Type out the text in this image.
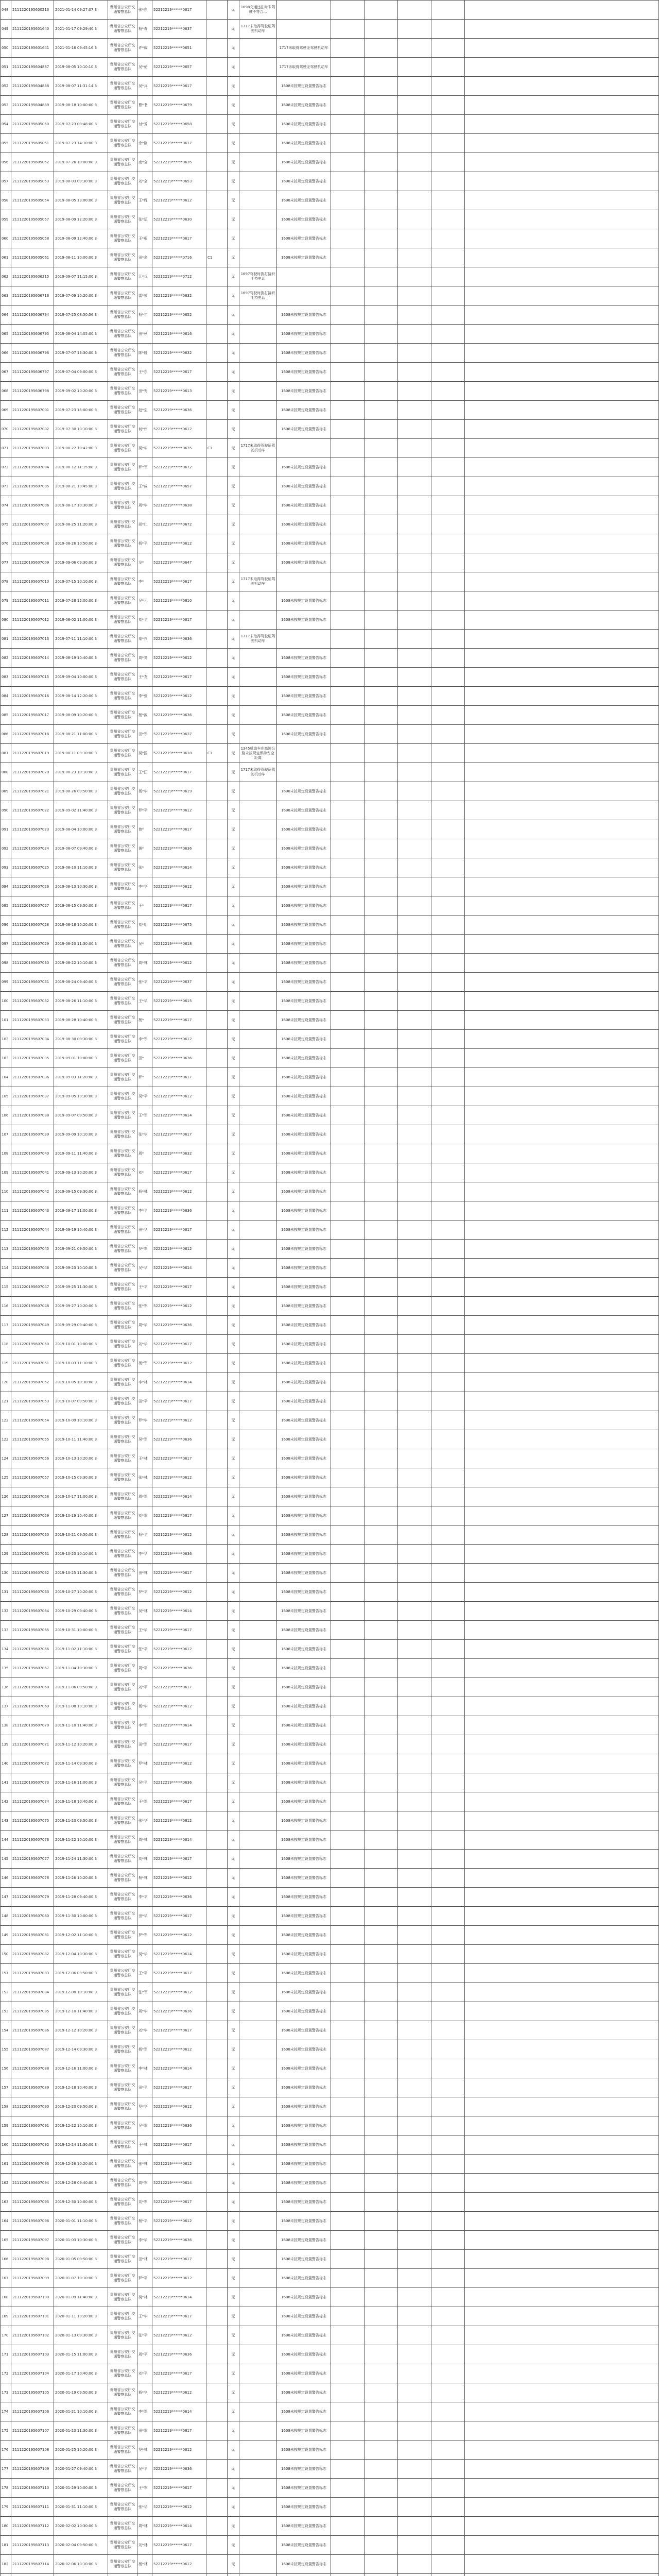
048	2111220195600213	2021-01-14 09:27:07.3	贵州省公安厅交通警察总队	张*东	52212219******0617		无	1698交通违法时未驾驶不符合...						
049	2111220195601640	2021-01-17 09:29:40.3	贵州省公安厅交通警察总队	杨*寿	52212219******0637		无	1717未取得驾驶证驾驶机动车						
050	2111220195601641	2021-01-16 09:45:16.3	贵州省公安厅交通警察总队	许*成	52212219******0651		无		1717未取得驾驶证驾驶机动车					
051	2111220195604887	2019-08-05 10:10:10.3	贵州省公安厅交通警察总队	吴*伦	52212219******0657		无		1717未取得驾驶证驾驶机动车					
052	2111220195604888	2019-08-07 11:31:14.3	贵州省公安厅交通警察总队	吴*兵	52212219******0617		无		1608未按规定设置警告标志					
053	2111220195604889	2019-08-18 10:00:00.3	贵州省公安厅交通警察总队	曹*书	52212219******0679		无		1608未按规定设置警告标志					
054	2111220195605050	2019-07-23 09:48:00.3	贵州省公安厅交通警察总队	付*芳	52212219******0658		无		1608未按规定设置警告标志					
055	2111220195605051	2019-07-23 14:10:00.3	贵州省公安厅交通警察总队	余*刚	52212219******0617		无		1608未按规定设置警告标志					
056	2111220195605052	2019-07-26 10:00:00.3	贵州省公安厅交通警察总队	庞*全	52212219******0635		无		1608未按规定设置警告标志					
057	2111220195605053	2019-08-03 09:30:00.3	贵州省公安厅交通警察总队	刘*全	52212219******0653		无		1608未按规定设置警告标志					
058	2111220195605054	2019-08-05 13:00:00.3	贵州省公安厅交通警察总队	王*辉	52212219******0612		无		1608未按规定设置警告标志					
059	2111220195605057	2019-08-09 12:20:00.3	贵州省公安厅交通警察总队	张*运	52212219******0630		无		1608未按规定设置警告标志					
060	2111220195605058	2019-08-09 12:40:00.3	贵州省公安厅交通警察总队	王*根	52212219******0617		无		1608未按规定设置警告标志					
061	2111220195605061	2019-08-11 10:00:00.3	贵州省公安厅交通警察总队	田*余	52212219******0716	C1	无		1608未按规定设置警告标志					
062	2111220195606215	2019-09-07 11:15:00.3	贵州省公安厅交通警察总队	江*兵	52212219******0712		无	1697驾驶时拨打接听手持电话						
063	2111220195606716	2019-07-09 10:20:00.3	贵州省公安厅交通警察总队	雷*荣	52212219******0632		无	1697驾驶时拨打接听手持电话						
064	2111220195606794	2019-07-25 08:50:56.3	贵州省公安厅交通警察总队	杨*年	52212219******0652		无		1608未按规定设置警告标志					
065	2111220195606795	2019-08-04 14:05:00.3	贵州省公安厅交通警察总队	田*秋	52212219******0616		无		1608未按规定设置警告标志					
066	2111220195606796	2019-07-07 13:30:00.3	贵州省公安厅交通警察总队	陈*胜	52212219******0632		无		1608未按规定设置警告标志					
067	2111220195606797	2019-07-04 09:00:00.3	贵州省公安厅交通警察总队	王*东	52212219******0617		无		1608未按规定设置警告标志					
068	2111220195606798	2019-09-02 10:20:00.3	贵州省公安厅交通警察总队	田*安	52212219******0613		无		1608未按规定设置警告标志					
069	2111220195607001	2019-07-23 15:00:00.3	贵州省公安厅交通警察总队	赵*生	52212219******0636		无		1608未按规定设置警告标志					
070	2111220195607002	2019-07-30 10:10:00.3	贵州省公安厅交通警察总队	何*伟	52212219******0612		无		1608未按规定设置警告标志					
071	2111220195607003	2019-08-22 10:42:00.3	贵州省公安厅交通警察总队	吴*华	52212219******0635	C1	无	1717未取得驾驶证驾驶机动车						
072	2111220195607004	2019-08-12 11:15:00.3	贵州省公安厅交通警察总队	罗*军	52212219******0672		无		1608未按规定设置警告标志					
073	2111220195607005	2019-08-21 10:45:00.3	贵州省公安厅交通警察总队	王*成	52212219******0657		无		1608未按规定设置警告标志					
074	2111220195607006	2019-08-17 10:30:00.3	贵州省公安厅交通警察总队	周*华	52212219******0638		无		1608未按规定设置警告标志					
075	2111220195607007	2019-08-25 11:20:00.3	贵州省公安厅交通警察总队	胡*仁	52212219******0672		无		1608未按规定设置警告标志					
076	2111220195607008	2019-08-26 10:50:00.3	贵州省公安厅交通警察总队	杨*平	52212219******0612		无		1608未按规定设置警告标志					
077	2111220195607009	2019-09-06 09:30:00.3	贵州省公安厅交通警察总队	龙*	52212219******0647		无		1608未按规定设置警告标志					
078	2111220195607010	2019-07-15 10:10:00.3	贵州省公安厅交通警察总队	李*	52212219******0617		无	1717未取得驾驶证驾驶机动车						
079	2111220195607011	2019-07-28 12:00:00.3	贵州省公安厅交通警察总队	吴*元	52212219******0610		无		1608未按规定设置警告标志					
080	2111220195607012	2019-08-02 11:00:00.3	贵州省公安厅交通警察总队	刘*平	52212219******0617		无		1608未按规定设置警告标志					
081	2111220195607013	2019-07-11 11:10:00.3	贵州省公安厅交通警察总队	蒙*兴	52212219******0636		无	1717未取得驾驶证驾驶机动车						
082	2111220195607014	2019-08-19 10:40:00.3	贵州省公安厅交通警察总队	周*英	52212219******0612		无		1608未按规定设置警告标志					
083	2111220195607015	2019-09-04 10:00:00.3	贵州省公安厅交通警察总队	王*友	52212219******0617		无		1608未按规定设置警告标志					
084	2111220195607016	2019-08-14 12:20:00.3	贵州省公安厅交通警察总队	李*强	52212219******0612		无		1608未按规定设置警告标志					
085	2111220195607017	2019-08-09 10:20:00.3	贵州省公安厅交通警察总队	杨*波	52212219******0636		无		1608未按规定设置警告标志					
086	2111220195607018	2019-08-21 11:00:00.3	贵州省公安厅交通警察总队	田*军	52212219******0637		无		1608未按规定设置警告标志					
087	2111220195607019	2019-08-11 09:10:00.3	贵州省公安厅交通警察总队	吴*国	52212219******0618	C1	无	1345机动车在高速公路未按规定保持安全距离						
088	2111220195607020	2019-08-23 10:10:00.3	贵州省公安厅交通警察总队	王*江	52212219******0617		无	1717未取得驾驶证驾驶机动车						
089	2111220195607021	2019-08-26 09:50:00.3	贵州省公安厅交通警察总队	杨*华	52212219******0619		无		1608未按规定设置警告标志					
090	2111220195607022	2019-09-02 11:40:00.3	贵州省公安厅交通警察总队	罗*平	52212219******0612		无		1608未按规定设置警告标志					
091	2111220195607023	2019-08-04 10:00:00.3	贵州省公安厅交通警察总队	曾*	52212219******0617		无		1608未按规定设置警告标志					
092	2111220195607024	2019-08-07 09:40:00.3	贵州省公安厅交通警察总队	黄*	52212219******0636		无		1608未按规定设置警告标志					
093	2111220195607025	2019-08-10 11:10:00.3	贵州省公安厅交通警察总队	张*	52212219******0614		无		1608未按规定设置警告标志					
094	2111220195607026	2019-08-13 10:30:00.3	贵州省公安厅交通警察总队	李*华	52212219******0612		无		1608未按规定设置警告标志					
095	2111220195607027	2019-08-15 09:50:00.3	贵州省公安厅交通警察总队	王*	52212219******0617		无		1608未按规定设置警告标志					
096	2111220195607028	2019-08-18 10:20:00.3	贵州省公安厅交通警察总队	刘*明	52212219******0675		无		1608未按规定设置警告标志					
097	2111220195607029	2019-08-20 11:30:00.3	贵州省公安厅交通警察总队	吴*	52212219******0618		无		1608未按规定设置警告标志					
098	2111220195607030	2019-08-22 10:10:00.3	贵州省公安厅交通警察总队	周*林	52212219******0612		无		1608未按规定设置警告标志					
099	2111220195607031	2019-08-24 09:40:00.3	贵州省公安厅交通警察总队	张*平	52212219******0637		无		1608未按规定设置警告标志					
100	2111220195607032	2019-08-26 11:10:00.3	贵州省公安厅交通警察总队	王*华	52212219******0615		无		1608未按规定设置警告标志					
101	2111220195607033	2019-08-28 10:40:00.3	贵州省公安厅交通警察总队	杨*	52212219******0617		无		1608未按规定设置警告标志					
102	2111220195607034	2019-08-30 09:30:00.3	贵州省公安厅交通警察总队	李*军	52212219******0612		无		1608未按规定设置警告标志					
103	2111220195607035	2019-09-01 10:00:00.3	贵州省公安厅交通警察总队	田*	52212219******0636		无		1608未按规定设置警告标志					
104	2111220195607036	2019-09-03 11:20:00.3	贵州省公安厅交通警察总队	罗*	52212219******0617		无		1608未按规定设置警告标志					
105	2111220195607037	2019-09-05 10:30:00.3	贵州省公安厅交通警察总队	吴*平	52212219******0612		无		1608未按规定设置警告标志					
106	2111220195607038	2019-09-07 09:50:00.3	贵州省公安厅交通警察总队	王*军	52212219******0614		无		1608未按规定设置警告标志					
107	2111220195607039	2019-09-09 10:10:00.3	贵州省公安厅交通警察总队	张*华	52212219******0617		无		1608未按规定设置警告标志					
108	2111220195607040	2019-09-11 11:40:00.3	贵州省公安厅交通警察总队	周*	52212219******0632		无		1608未按规定设置警告标志					
109	2111220195607041	2019-09-13 10:20:00.3	贵州省公安厅交通警察总队	刘*	52212219******0617		无		1608未按规定设置警告标志					
110	2111220195607042	2019-09-15 09:30:00.3	贵州省公安厅交通警察总队	杨*林	52212219******0612		无		1608未按规定设置警告标志					
111	2111220195607043	2019-09-17 11:00:00.3	贵州省公安厅交通警察总队	李*平	52212219******0636		无		1608未按规定设置警告标志					
112	2111220195607044	2019-09-19 10:40:00.3	贵州省公安厅交通警察总队	田*华	52212219******0617		无		1608未按规定设置警告标志					
113	2111220195607045	2019-09-21 09:50:00.3	贵州省公安厅交通警察总队	罗*军	52212219******0612		无		1608未按规定设置警告标志					
114	2111220195607046	2019-09-23 10:10:00.3	贵州省公安厅交通警察总队	吴*华	52212219******0614		无		1608未按规定设置警告标志					
115	2111220195607047	2019-09-25 11:30:00.3	贵州省公安厅交通警察总队	王*平	52212219******0617		无		1608未按规定设置警告标志					
116	2111220195607048	2019-09-27 10:20:00.3	贵州省公安厅交通警察总队	张*军	52212219******0612		无		1608未按规定设置警告标志					
117	2111220195607049	2019-09-29 09:40:00.3	贵州省公安厅交通警察总队	周*华	52212219******0636		无		1608未按规定设置警告标志					
118	2111220195607050	2019-10-01 10:00:00.3	贵州省公安厅交通警察总队	刘*华	52212219******0617		无		1608未按规定设置警告标志					
119	2111220195607051	2019-10-03 11:10:00.3	贵州省公安厅交通警察总队	杨*军	52212219******0612		无		1608未按规定设置警告标志					
120	2111220195607052	2019-10-05 10:30:00.3	贵州省公安厅交通警察总队	李*林	52212219******0614		无		1608未按规定设置警告标志					
121	2111220195607053	2019-10-07 09:50:00.3	贵州省公安厅交通警察总队	田*平	52212219******0617		无		1608未按规定设置警告标志					
122	2111220195607054	2019-10-09 10:10:00.3	贵州省公安厅交通警察总队	罗*华	52212219******0612		无		1608未按规定设置警告标志					
123	2111220195607055	2019-10-11 11:40:00.3	贵州省公安厅交通警察总队	吴*军	52212219******0636		无		1608未按规定设置警告标志					
124	2111220195607056	2019-10-13 10:20:00.3	贵州省公安厅交通警察总队	王*林	52212219******0617		无		1608未按规定设置警告标志					
125	2111220195607057	2019-10-15 09:30:00.3	贵州省公安厅交通警察总队	张*林	52212219******0612		无		1608未按规定设置警告标志					
126	2111220195607058	2019-10-17 11:00:00.3	贵州省公安厅交通警察总队	周*军	52212219******0614		无		1608未按规定设置警告标志					
127	2111220195607059	2019-10-19 10:40:00.3	贵州省公安厅交通警察总队	刘*军	52212219******0617		无		1608未按规定设置警告标志					
128	2111220195607060	2019-10-21 09:50:00.3	贵州省公安厅交通警察总队	杨*平	52212219******0612		无		1608未按规定设置警告标志					
129	2111220195607061	2019-10-23 10:10:00.3	贵州省公安厅交通警察总队	李*华	52212219******0636		无		1608未按规定设置警告标志					
130	2111220195607062	2019-10-25 11:30:00.3	贵州省公安厅交通警察总队	田*林	52212219******0617		无		1608未按规定设置警告标志					
131	2111220195607063	2019-10-27 10:20:00.3	贵州省公安厅交通警察总队	罗*平	52212219******0612		无		1608未按规定设置警告标志					
132	2111220195607064	2019-10-29 09:40:00.3	贵州省公安厅交通警察总队	吴*林	52212219******0614		无		1608未按规定设置警告标志					
133	2111220195607065	2019-10-31 10:00:00.3	贵州省公安厅交通警察总队	王*华	52212219******0617		无		1608未按规定设置警告标志					
134	2111220195607066	2019-11-02 11:10:00.3	贵州省公安厅交通警察总队	张*平	52212219******0612		无		1608未按规定设置警告标志					
135	2111220195607067	2019-11-04 10:30:00.3	贵州省公安厅交通警察总队	周*平	52212219******0636		无		1608未按规定设置警告标志					
136	2111220195607068	2019-11-06 09:50:00.3	贵州省公安厅交通警察总队	刘*平	52212219******0617		无		1608未按规定设置警告标志					
137	2111220195607069	2019-11-08 10:10:00.3	贵州省公安厅交通警察总队	杨*华	52212219******0612		无		1608未按规定设置警告标志					
138	2111220195607070	2019-11-10 11:40:00.3	贵州省公安厅交通警察总队	李*军	52212219******0614		无		1608未按规定设置警告标志					
139	2111220195607071	2019-11-12 10:20:00.3	贵州省公安厅交通警察总队	田*军	52212219******0617		无		1608未按规定设置警告标志					
140	2111220195607072	2019-11-14 09:30:00.3	贵州省公安厅交通警察总队	罗*林	52212219******0612		无		1608未按规定设置警告标志					
141	2111220195607073	2019-11-16 11:00:00.3	贵州省公安厅交通警察总队	吴*平	52212219******0636		无		1608未按规定设置警告标志					
142	2111220195607074	2019-11-18 10:40:00.3	贵州省公安厅交通警察总队	王*军	52212219******0617		无		1608未按规定设置警告标志					
143	2111220195607075	2019-11-20 09:50:00.3	贵州省公安厅交通警察总队	张*华	52212219******0612		无		1608未按规定设置警告标志					
144	2111220195607076	2019-11-22 10:10:00.3	贵州省公安厅交通警察总队	周*林	52212219******0614		无		1608未按规定设置警告标志					
145	2111220195607077	2019-11-24 11:30:00.3	贵州省公安厅交通警察总队	刘*林	52212219******0617		无		1608未按规定设置警告标志					
146	2111220195607078	2019-11-26 10:20:00.3	贵州省公安厅交通警察总队	杨*林	52212219******0612		无		1608未按规定设置警告标志					
147	2111220195607079	2019-11-28 09:40:00.3	贵州省公安厅交通警察总队	李*平	52212219******0636		无		1608未按规定设置警告标志					
148	2111220195607080	2019-11-30 10:00:00.3	贵州省公安厅交通警察总队	田*华	52212219******0617		无		1608未按规定设置警告标志					
149	2111220195607081	2019-12-02 11:10:00.3	贵州省公安厅交通警察总队	罗*军	52212219******0612		无		1608未按规定设置警告标志					
150	2111220195607082	2019-12-04 10:30:00.3	贵州省公安厅交通警察总队	吴*华	52212219******0614		无		1608未按规定设置警告标志					
151	2111220195607083	2019-12-06 09:50:00.3	贵州省公安厅交通警察总队	王*平	52212219******0617		无		1608未按规定设置警告标志					
152	2111220195607084	2019-12-08 10:10:00.3	贵州省公安厅交通警察总队	张*军	52212219******0612		无		1608未按规定设置警告标志					
153	2111220195607085	2019-12-10 11:40:00.3	贵州省公安厅交通警察总队	周*华	52212219******0636		无		1608未按规定设置警告标志					
154	2111220195607086	2019-12-12 10:20:00.3	贵州省公安厅交通警察总队	刘*华	52212219******0617		无		1608未按规定设置警告标志					
155	2111220195607087	2019-12-14 09:30:00.3	贵州省公安厅交通警察总队	杨*军	52212219******0612		无		1608未按规定设置警告标志					
156	2111220195607088	2019-12-16 11:00:00.3	贵州省公安厅交通警察总队	李*林	52212219******0614		无		1608未按规定设置警告标志					
157	2111220195607089	2019-12-18 10:40:00.3	贵州省公安厅交通警察总队	田*平	52212219******0617		无		1608未按规定设置警告标志					
158	2111220195607090	2019-12-20 09:50:00.3	贵州省公安厅交通警察总队	罗*华	52212219******0612		无		1608未按规定设置警告标志					
159	2111220195607091	2019-12-22 10:10:00.3	贵州省公安厅交通警察总队	吴*军	52212219******0636		无		1608未按规定设置警告标志					
160	2111220195607092	2019-12-24 11:30:00.3	贵州省公安厅交通警察总队	王*林	52212219******0617		无		1608未按规定设置警告标志					
161	2111220195607093	2019-12-26 10:20:00.3	贵州省公安厅交通警察总队	张*林	52212219******0612		无		1608未按规定设置警告标志					
162	2111220195607094	2019-12-28 09:40:00.3	贵州省公安厅交通警察总队	周*军	52212219******0614		无		1608未按规定设置警告标志					
163	2111220195607095	2019-12-30 10:00:00.3	贵州省公安厅交通警察总队	刘*军	52212219******0617		无		1608未按规定设置警告标志					
164	2111220195607096	2020-01-01 11:10:00.3	贵州省公安厅交通警察总队	杨*平	52212219******0612		无		1608未按规定设置警告标志					
165	2111220195607097	2020-01-03 10:30:00.3	贵州省公安厅交通警察总队	李*华	52212219******0636		无		1608未按规定设置警告标志					
166	2111220195607098	2020-01-05 09:50:00.3	贵州省公安厅交通警察总队	田*林	52212219******0617		无		1608未按规定设置警告标志					
167	2111220195607099	2020-01-07 10:10:00.3	贵州省公安厅交通警察总队	罗*平	52212219******0612		无		1608未按规定设置警告标志					
168	2111220195607100	2020-01-09 11:40:00.3	贵州省公安厅交通警察总队	吴*林	52212219******0614		无		1608未按规定设置警告标志					
169	2111220195607101	2020-01-11 10:20:00.3	贵州省公安厅交通警察总队	王*华	52212219******0617		无		1608未按规定设置警告标志					
170	2111220195607102	2020-01-13 09:30:00.3	贵州省公安厅交通警察总队	张*平	52212219******0612		无		1608未按规定设置警告标志					
171	2111220195607103	2020-01-15 11:00:00.3	贵州省公安厅交通警察总队	周*平	52212219******0636		无		1608未按规定设置警告标志					
172	2111220195607104	2020-01-17 10:40:00.3	贵州省公安厅交通警察总队	刘*平	52212219******0617		无		1608未按规定设置警告标志					
173	2111220195607105	2020-01-19 09:50:00.3	贵州省公安厅交通警察总队	杨*华	52212219******0612		无		1608未按规定设置警告标志					
174	2111220195607106	2020-01-21 10:10:00.3	贵州省公安厅交通警察总队	李*军	52212219******0614		无		1608未按规定设置警告标志					
175	2111220195607107	2020-01-23 11:30:00.3	贵州省公安厅交通警察总队	田*军	52212219******0617		无		1608未按规定设置警告标志					
176	2111220195607108	2020-01-25 10:20:00.3	贵州省公安厅交通警察总队	罗*林	52212219******0612		无		1608未按规定设置警告标志					
177	2111220195607109	2020-01-27 09:40:00.3	贵州省公安厅交通警察总队	吴*平	52212219******0636		无		1608未按规定设置警告标志					
178	2111220195607110	2020-01-29 10:00:00.3	贵州省公安厅交通警察总队	王*军	52212219******0617		无		1608未按规定设置警告标志					
179	2111220195607111	2020-01-31 11:10:00.3	贵州省公安厅交通警察总队	张*华	52212219******0612		无		1608未按规定设置警告标志					
180	2111220195607112	2020-02-02 10:30:00.3	贵州省公安厅交通警察总队	周*林	52212219******0614		无		1608未按规定设置警告标志					
181	2111220195607113	2020-02-04 09:50:00.3	贵州省公安厅交通警察总队	刘*林	52212219******0617		无		1608未按规定设置警告标志					
182	2111220195607114	2020-02-06 10:10:00.3	贵州省公安厅交通警察总队	杨*林	52212219******0612		无		1608未按规定设置警告标志					
